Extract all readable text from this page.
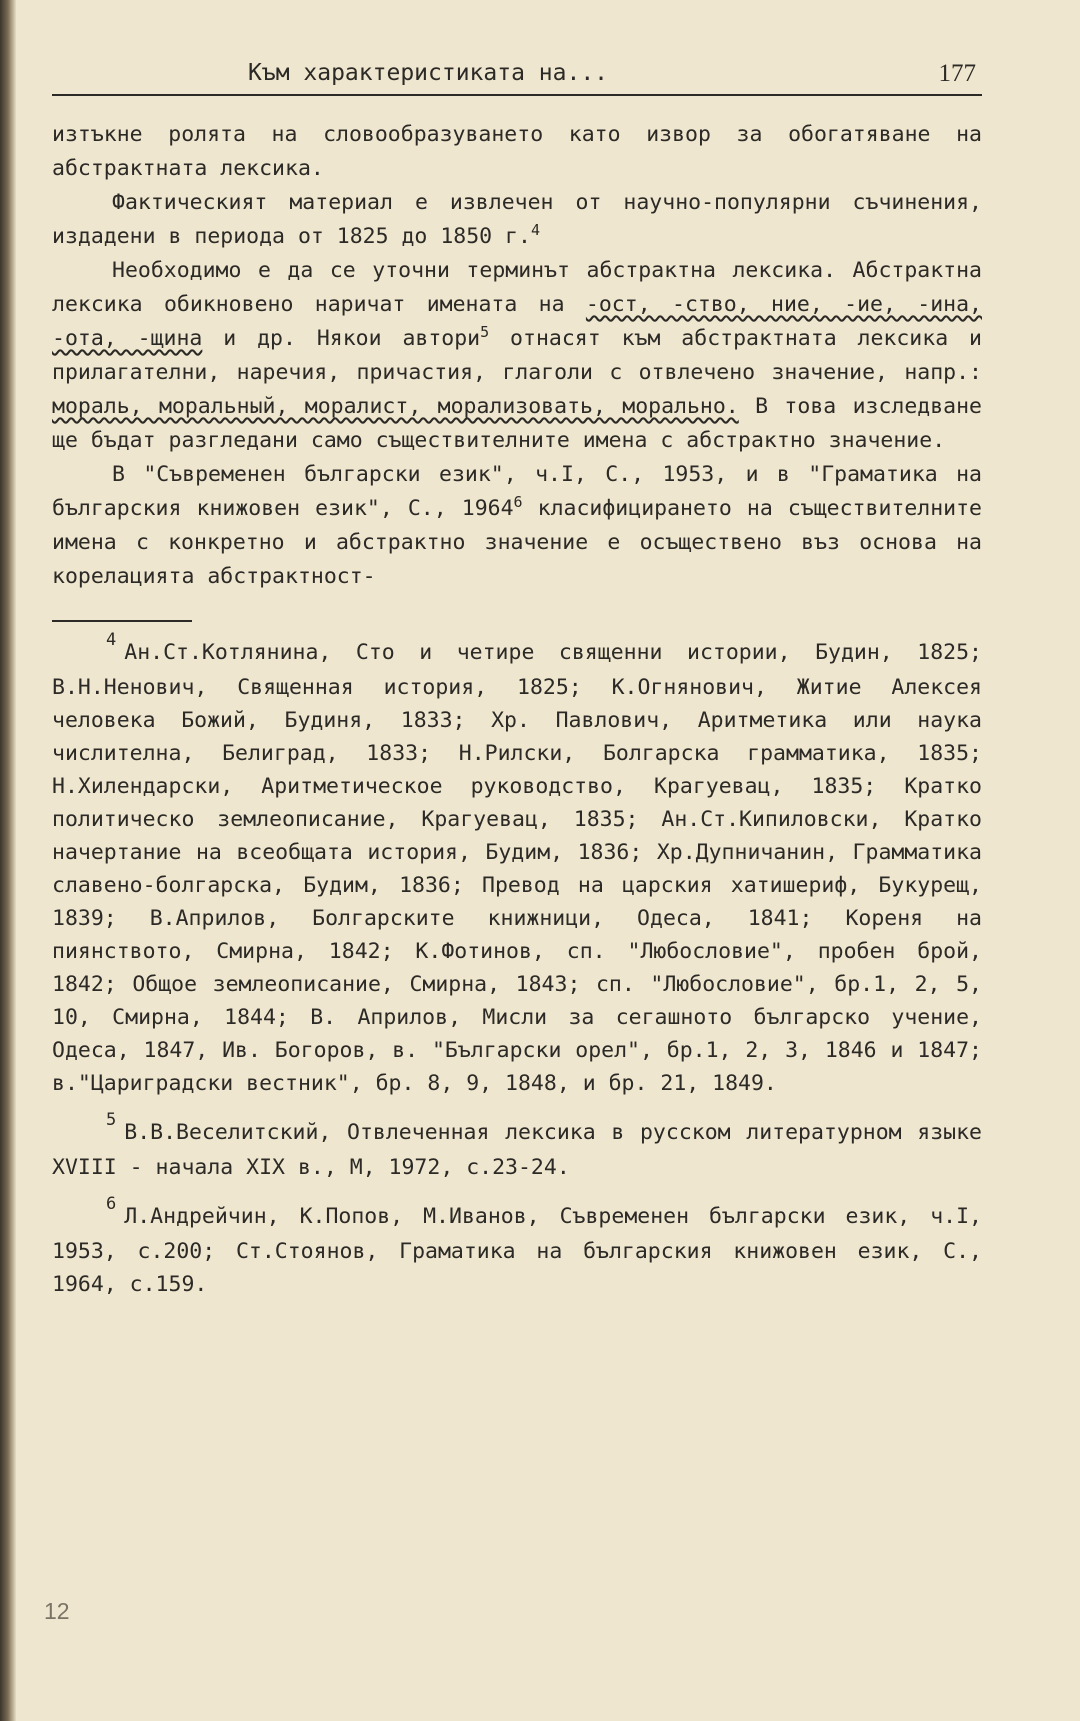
Към характеристиката на...	177

изтъкне ролята на словообразуването като извор за обогатяване на абстрактната лексика.

Фактическият материал е извлечен от научно-популярни съчинения, издадени в периода от 1825 до 1850 г.$^4$

Необходимо е да се уточни терминът абстрактна лексика. Абстрактна лексика обикновено наричат имената на -ост, -ство, ние, -ие, -ина, -ота, -щина и др. Някои автори$^5$ отнасят към абстрактната лексика и прилагателни, наречия, причастия, глаголи с отвлечено значение, напр.: мораль, моральный, моралист, морализовать, морально. В това изследване ще бъдат разгледани само съществителните имена с абстрактно значение.

В "Съвременен български език", ч.I, С., 1953, и в "Граматика на българския книжовен език", С., 1964$^6$ класифицирането на съществителните имена с конкретно и абстрактно значение е осъществено въз основа на корелацията абстрактност-

4 Ан.Ст.Котлянина, Сто и четире священни истории, Будин, 1825; В.Н.Ненович, Священная история, 1825; К.Огнянович, Житие Алексея человека Божий, Будиня, 1833; Хр. Павлович, Аритметика или наука числителна, Белиград, 1833; Н.Рилски, Болгарска грамматика, 1835; Н.Хилендарски, Аритметическое руководство, Крагуевац, 1835; Кратко политическо землеописание, Крагуевац, 1835; Ан.Ст.Кипиловски, Кратко начертание на всеобщата история, Будим, 1836; Хр.Дупничанин, Грамматика славено-болгарска, Будим, 1836; Превод на царския хатишериф, Букурещ, 1839; В.Априлов, Болгарските книжници, Одеса, 1841; Кореня на пиянството, Смирна, 1842; К.Фотинов, сп. "Любословие", пробен брой, 1842; Общое землеописание, Смирна, 1843; сп. "Любословие", бр.1, 2, 5, 10, Смирна, 1844; В. Априлов, Мисли за сегашното българско учение, Одеса, 1847, Ив. Богоров, в. "Български орел", бр.1, 2, 3, 1846 и 1847; в."Цариградски вестник", бр. 8, 9, 1848, и бр. 21, 1849.

5 В.В.Веселитский, Отвлеченная лексика в русском литературном языке XVIII - начала XIX в., М, 1972, с.23-24.

6 Л.Андрейчин, К.Попов, М.Иванов, Съвременен български език, ч.I, 1953, с.200; Ст.Стоянов, Граматика на българския книжовен език, С., 1964, с.159.

12
